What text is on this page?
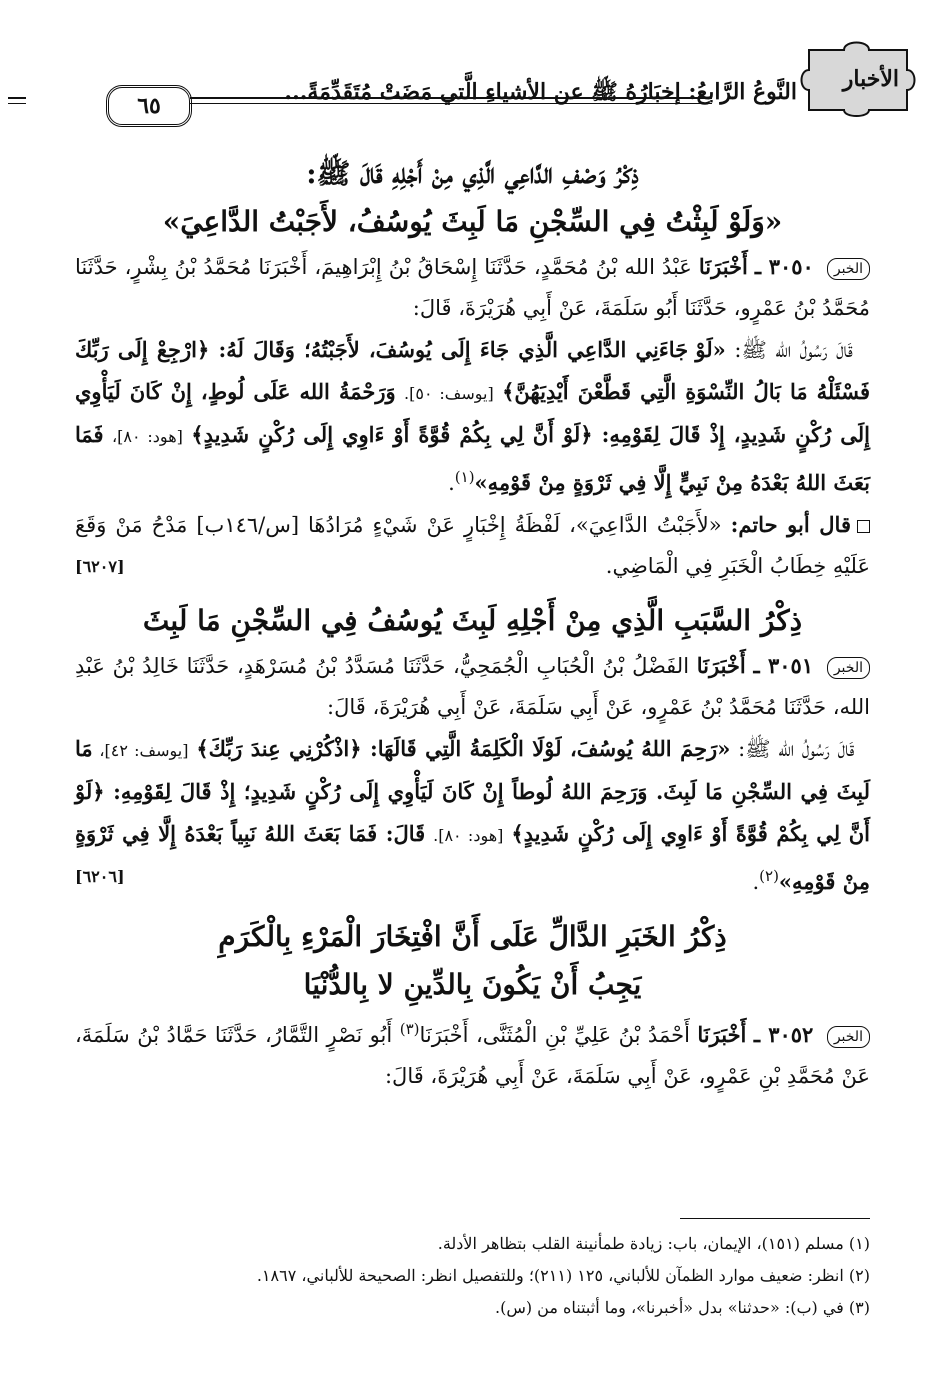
الأخبار
النَّوعُ الرَّابعُ: إخبَارُهُ ﷺ عن الأشياءِ الَّتي مَضَتْ مُتَقَدِّمَةً...
٦٥
ذِكْرُ وَصْفِ الدَّاعِي الَّذِي مِنْ أَجْلِهِ قَالَ ﷺ:
«وَلَوْ لَبِثْتُ فِي السِّجْنِ مَا لَبِثَ يُوسُفُ، لأَجَبْتُ الدَّاعِيَ»
الخبر ٣٠٥٠ ـ أَخْبَرَنَا عَبْدُ الله بْنُ مُحَمَّدٍ، حَدَّثَنَا إِسْحَاقُ بْنُ إِبْرَاهِيمَ، أَخْبَرَنَا مُحَمَّدُ بْنُ بِشْرٍ، حَدَّثَنَا مُحَمَّدُ بْنُ عَمْرٍو، حَدَّثَنَا أَبُو سَلَمَةَ، عَنْ أَبِي هُرَيْرَةَ، قَالَ:
قَالَ رَسُولُ الله ﷺ: «لَوْ جَاءَنِي الدَّاعِي الَّذِي جَاءَ إِلَى يُوسُفَ، لأَجَبْتُهُ؛ وَقَالَ لَهُ: ﴿ارْجِعْ إِلَى رَبِّكَ فَسْئَلْهُ مَا بَالُ النِّسْوَةِ الَّتِي قَطَّعْنَ أَيْدِيَهُنَّ﴾ [يوسف: ٥٠]. وَرَحْمَةُ الله عَلَى لُوطٍ، إِنْ كَانَ لَيَأْوِي إِلَى رُكْنٍ شَدِيدٍ، إِذْ قَالَ لِقَوْمِهِ: ﴿لَوْ أَنَّ لِي بِكُمْ قُوَّةً أَوْ ءَاوِي إِلَى رُكْنٍ شَدِيدٍ﴾ [هود: ٨٠]، فَمَا بَعَثَ اللهُ بَعْدَهُ مِنْ نَبِيٍّ إِلَّا فِي ثَرْوَةٍ مِنْ قَوْمِهِ»$^{(١)}$.
قال أبو حاتم: «لأَجَبْتُ الدَّاعِيَ»، لَفْظَةُ إِخْبَارٍ عَنْ شَيْءٍ مُرَادُهَا [س/١٤٦ب] مَدْحُ مَنْ وَقَعَ عَلَيْهِ خِطَابُ الْخَبَرِ فِي الْمَاضِي.
[٦٢٠٧]
ذِكْرُ السَّبَبِ الَّذِي مِنْ أَجْلِهِ لَبِثَ يُوسُفُ فِي السِّجْنِ مَا لَبِثَ
الخبر ٣٠٥١ ـ أَخْبَرَنَا الفَضْلُ بْنُ الْحُبَابِ الْجُمَحِيُّ، حَدَّثَنَا مُسَدَّدُ بْنُ مُسَرْهَدٍ، حَدَّثَنَا خَالِدُ بْنُ عَبْدِ الله، حَدَّثَنَا مُحَمَّدُ بْنُ عَمْرٍو، عَنْ أَبِي سَلَمَةَ، عَنْ أَبِي هُرَيْرَةَ، قَالَ:
قَالَ رَسُولُ الله ﷺ: «رَحِمَ اللهُ يُوسُفَ، لَوْلَا الْكَلِمَةُ الَّتِي قَالَهَا: ﴿اذْكُرْنِي عِندَ رَبِّكَ﴾ [يوسف: ٤٢]، مَا لَبِثَ فِي السِّجْنِ مَا لَبِثَ. وَرَحِمَ اللهُ لُوطاً إِنْ كَانَ لَيَأْوِي إِلَى رُكْنٍ شَدِيدٍ؛ إِذْ قَالَ لِقَوْمِهِ: ﴿لَوْ أَنَّ لِي بِكُمْ قُوَّةً أَوْ ءَاوِي إِلَى رُكْنٍ شَدِيدٍ﴾ [هود: ٨٠]. قَالَ: فَمَا بَعَثَ اللهُ نَبِياً بَعْدَهُ إِلَّا فِي ثَرْوَةٍ مِنْ قَوْمِهِ»$^{(٢)}$.
[٦٢٠٦]
ذِكْرُ الخَبَرِ الدَّالِّ عَلَى أَنَّ افْتِخَارَ الْمَرْءِ بِالْكَرَمِ
يَجِبُ أَنْ يَكُونَ بِالدِّينِ لا بِالدُّنْيَا
الخبر ٣٠٥٢ ـ أَخْبَرَنَا أَحْمَدُ بْنُ عَلِيِّ بْنِ الْمُثَنَّى، أَخْبَرَنَا$^{(٣)}$ أَبُو نَصْرٍ التَّمَّارُ، حَدَّثَنَا حَمَّادُ بْنُ سَلَمَةَ، عَنْ مُحَمَّدِ بْنِ عَمْرٍو، عَنْ أَبِي سَلَمَةَ، عَنْ أَبِي هُرَيْرَةَ، قَالَ:
(١) مسلم (١٥١)، الإيمان، باب: زيادة طمأنينة القلب بتظاهر الأدلة.
(٢) انظر: ضعيف موارد الظمآن للألباني، ١٢٥ (٢١١)؛ وللتفصيل انظر: الصحيحة للألباني، ١٨٦٧.
(٣) في (ب): «حدثنا» بدل «أخبرنا»، وما أثبتناه من (س).
